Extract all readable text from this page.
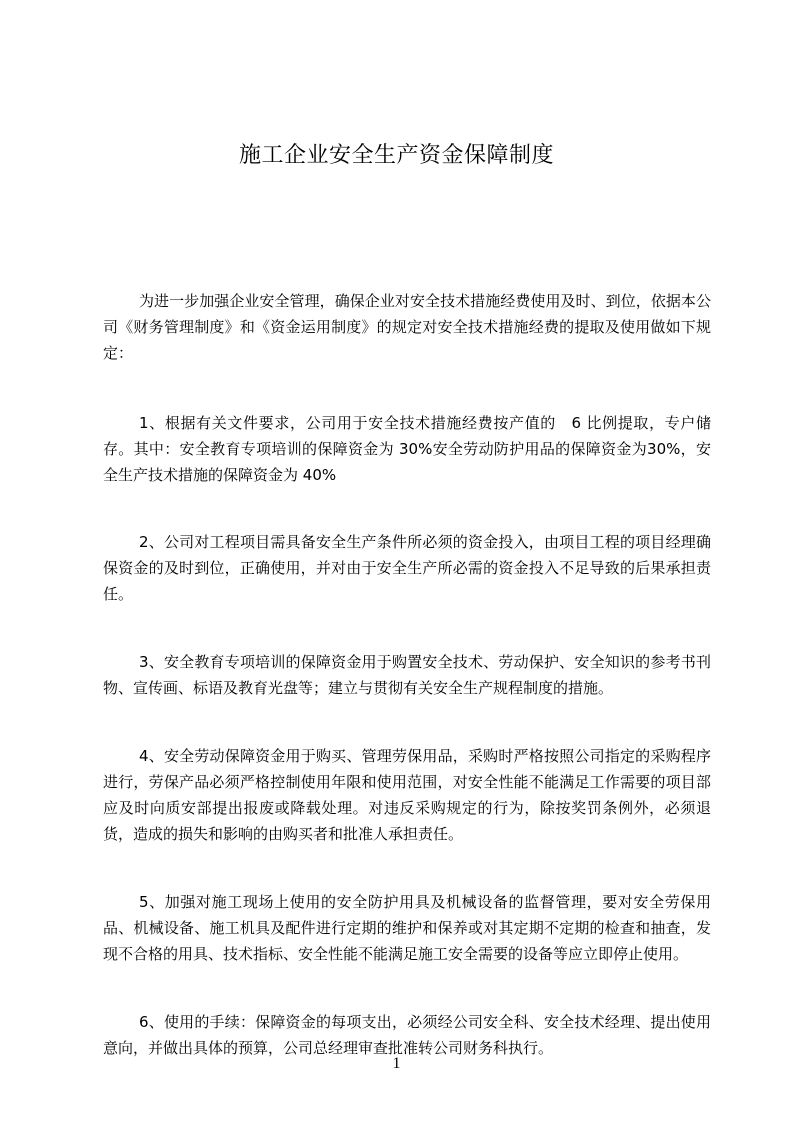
施工企业安全生产资金保障制度

为进一步加强企业安全管理，确保企业对安全技术措施经费使用及时、到位，依据本公司《财务管理制度》和《资金运用制度》的规定对安全技术措施经费的提取及使用做如下规定：

1、根据有关文件要求，公司用于安全技术措施经费按产值的　6 比例提取，专户储存。其中：安全教育专项培训的保障资金为 30%安全劳动防护用品的保障资金为30%，安全生产技术措施的保障资金为 40%

2、公司对工程项目需具备安全生产条件所必须的资金投入，由项目工程的项目经理确保资金的及时到位，正确使用，并对由于安全生产所必需的资金投入不足导致的后果承担责任。

3、安全教育专项培训的保障资金用于购置安全技术、劳动保护、安全知识的参考书刊物、宣传画、标语及教育光盘等；建立与贯彻有关安全生产规程制度的措施。

4、安全劳动保障资金用于购买、管理劳保用品，采购时严格按照公司指定的采购程序进行，劳保产品必须严格控制使用年限和使用范围，对安全性能不能满足工作需要的项目部应及时向质安部提出报废或降载处理。对违反采购规定的行为，除按奖罚条例外，必须退货，造成的损失和影响的由购买者和批准人承担责任。

5、加强对施工现场上使用的安全防护用具及机械设备的监督管理，要对安全劳保用品、机械设备、施工机具及配件进行定期的维护和保养或对其定期不定期的检查和抽查，发现不合格的用具、技术指标、安全性能不能满足施工安全需要的设备等应立即停止使用。

6、使用的手续：保障资金的每项支出，必须经公司安全科、安全技术经理、提出使用意向，并做出具体的预算，公司总经理审查批准转公司财务科执行。

1
